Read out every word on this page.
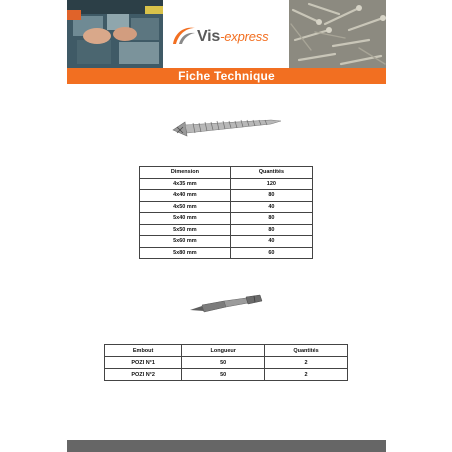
Vis-express
Fiche Technique
Dimension	Quantités
4x35 mm	120
4x40 mm	80
4x50 mm	40
5x40 mm	80
5x50 mm	80
5x60 mm	40
5x80 mm	60
Embout	Longueur	Quantités
POZI N°1	50	2
POZI N°2	50	2
